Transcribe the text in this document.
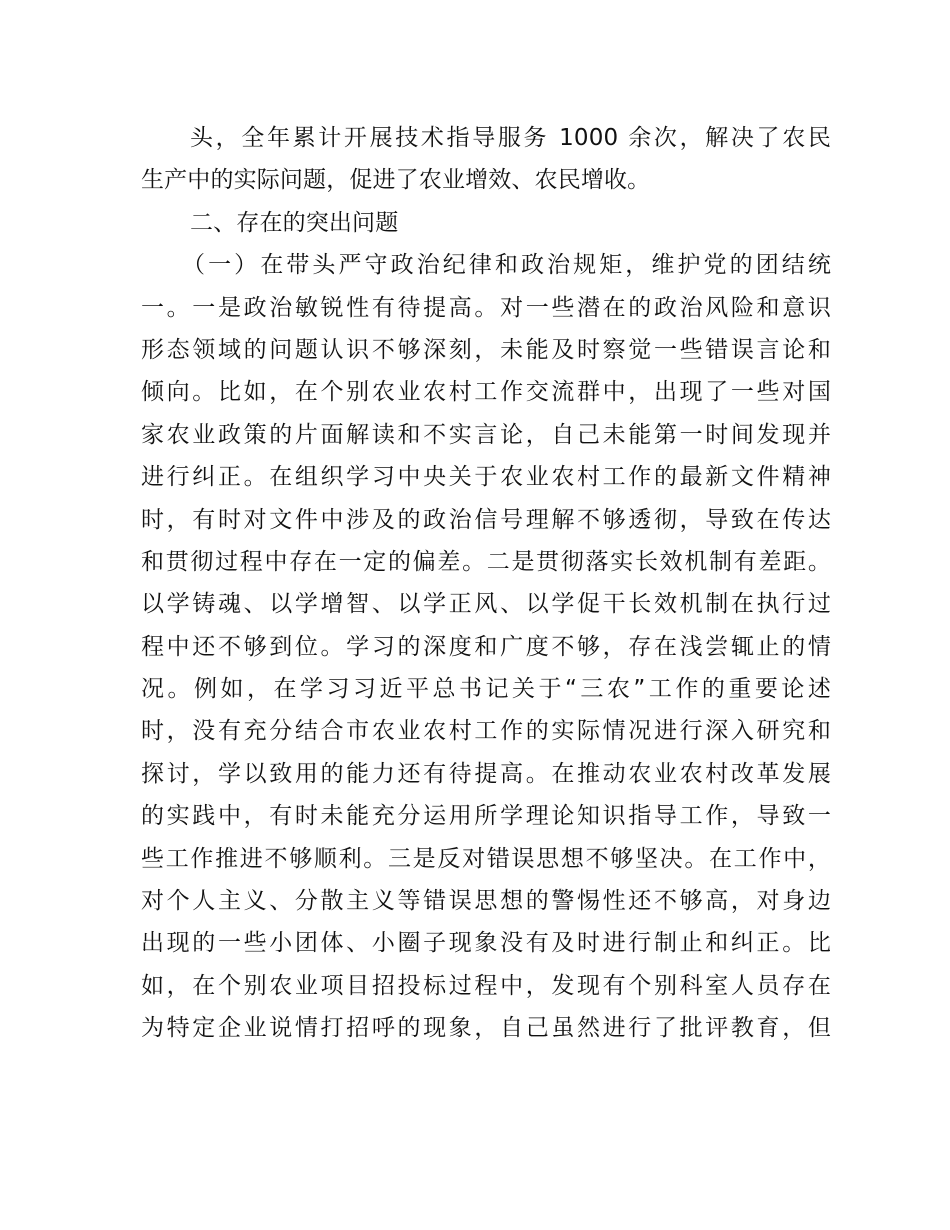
头，全年累计开展技术指导服务 1000 余次，解决了农民
生产中的实际问题，促进了农业增效、农民增收。
二、存在的突出问题
（一）在带头严守政治纪律和政治规矩，维护党的团结统
一。一是政治敏锐性有待提高。对一些潜在的政治风险和意识
形态领域的问题认识不够深刻，未能及时察觉一些错误言论和
倾向。比如，在个别农业农村工作交流群中，出现了一些对国
家农业政策的片面解读和不实言论，自己未能第一时间发现并
进行纠正。在组织学习中央关于农业农村工作的最新文件精神
时，有时对文件中涉及的政治信号理解不够透彻，导致在传达
和贯彻过程中存在一定的偏差。二是贯彻落实长效机制有差距。
以学铸魂、以学增智、以学正风、以学促干长效机制在执行过
程中还不够到位。学习的深度和广度不够，存在浅尝辄止的情
况。例如，在学习习近平总书记关于“三农”工作的重要论述
时，没有充分结合市农业农村工作的实际情况进行深入研究和
探讨，学以致用的能力还有待提高。在推动农业农村改革发展
的实践中，有时未能充分运用所学理论知识指导工作，导致一
些工作推进不够顺利。三是反对错误思想不够坚决。在工作中，
对个人主义、分散主义等错误思想的警惕性还不够高，对身边
出现的一些小团体、小圈子现象没有及时进行制止和纠正。比
如，在个别农业项目招投标过程中，发现有个别科室人员存在
为特定企业说情打招呼的现象，自己虽然进行了批评教育，但
